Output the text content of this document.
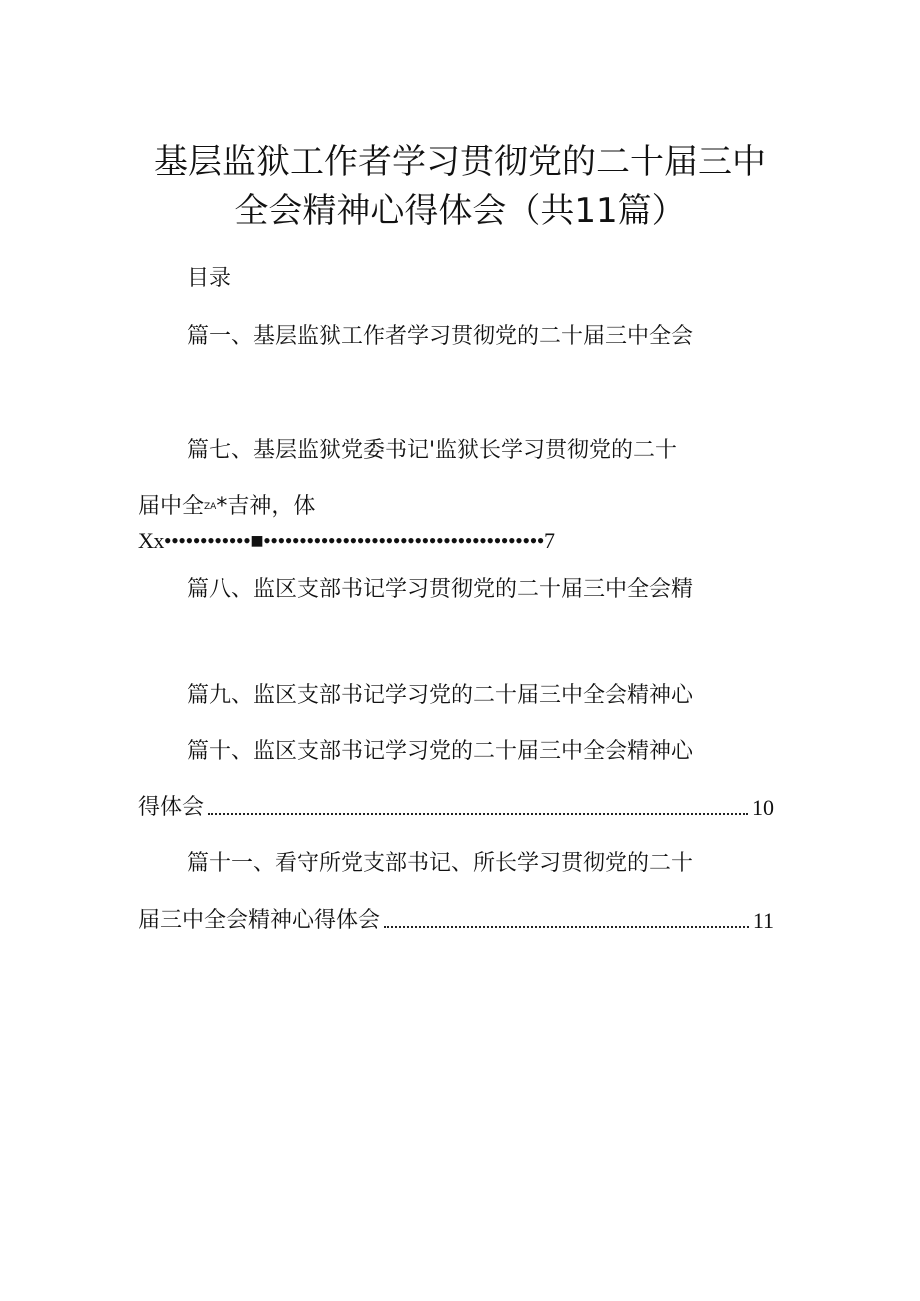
基层监狱工作者学习贯彻党的二十届三中
全会精神心得体会（共11篇）
目录
篇一、基层监狱工作者学习贯彻党的二十届三中全会
篇七、基层监狱党委书记'监狱长学习贯彻党的二十
届中全ZA*吉神，体
Xx••••••••••••■•••••••••••••••••••••••••••••••••••••••7
篇八、监区支部书记学习贯彻党的二十届三中全会精
篇九、监区支部书记学习党的二十届三中全会精神心
篇十、监区支部书记学习党的二十届三中全会精神心
得体会	10
篇十一、看守所党支部书记、所长学习贯彻党的二十
届三中全会精神心得体会	11
